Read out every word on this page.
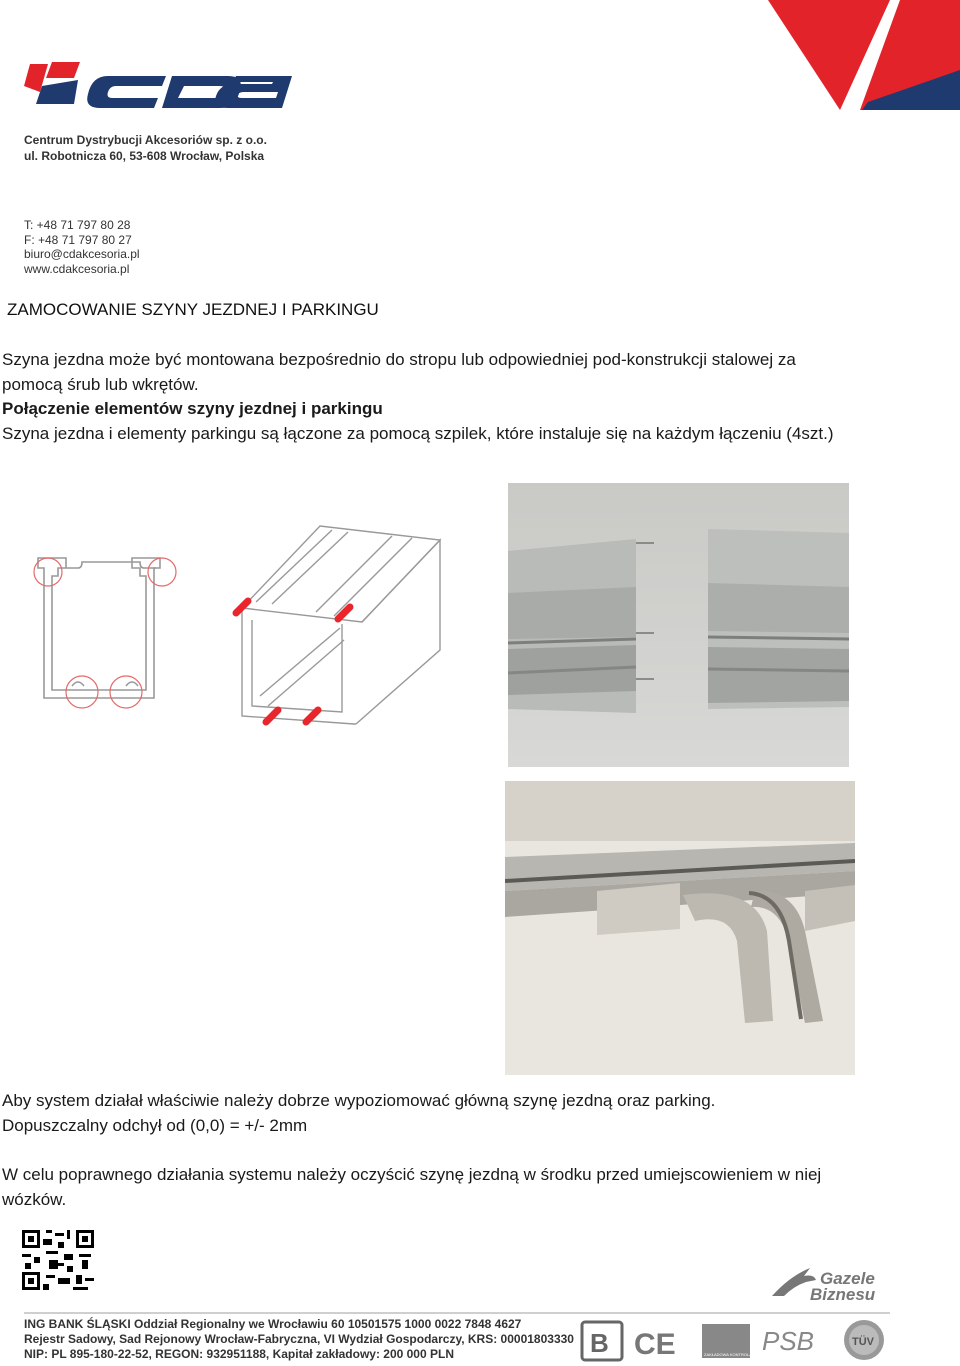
Centrum Dystrybucji Akcesoriów sp. z o.o.
ul. Robotnicza 60, 53-608 Wrocław, Polska
T: +48 71 797 80 28
F: +48 71 797 80 27
biuro@cdakcesoria.pl
www.cdakcesoria.pl
ZAMOCOWANIE SZYNY JEZDNEJ I PARKINGU
Szyna jezdna może być montowana bezpośrednio do stropu lub odpowiedniej pod-konstrukcji stalowej za
pomocą śrub lub wkrętów.
Połączenie elementów szyny jezdnej i parkingu
Szyna jezdna i elementy parkingu są łączone za pomocą szpilek, które instaluje się na każdym łączeniu (4szt.)
Aby system działał właściwie należy dobrze wypoziomować główną szynę jezdną oraz parking.
Dopuszczalny odchył od (0,0) = +/- 2mm
W celu poprawnego działania systemu należy oczyścić szynę jezdną w środku przed umiejscowieniem w niej
wózków.
Gazele
Biznesu
ING BANK ŚLĄSKI Oddział Regionalny we Wrocławiu 60 10501575 1000 0022 7848 4627
Rejestr Sadowy, Sad Rejonowy Wrocław-Fabryczna, VI Wydział Gospodarczy, KRS: 00001803330
NIP: PL 895-180-22-52, REGON: 932951188, Kapitał zakładowy: 200 000 PLN	B CE	ZAKŁADOWA KONTROLA PSB	TÜV
